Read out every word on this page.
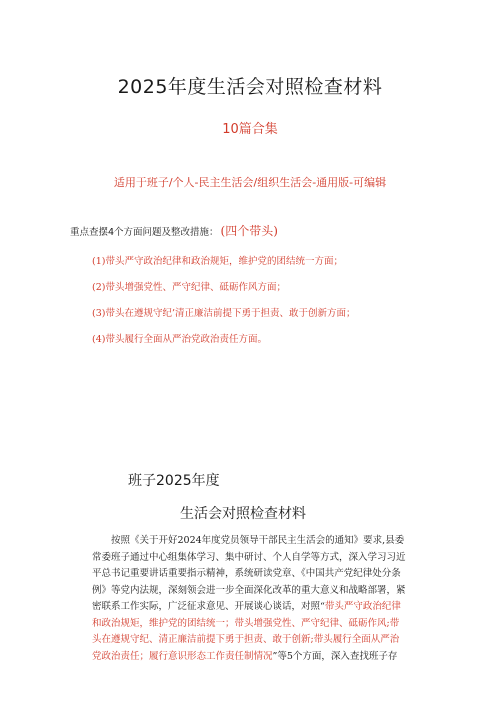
2025年度生活会对照检查材料
10篇合集
适用于班子/个人-民主生活会/组织生活会-通用版-可编辑
重点查摆4个方面问题及整改措施： (四个带头)
(1)带头严守政治纪律和政治规矩，维护党的团结统一方面；
(2)带头增强党性、严守纪律、砥砺作风方面；
(3)带头在遵规守纪’清正廉洁前提下勇于担责、敢于创新方面；
(4)带头履行全面从严治党政治责任方面。
班子2025年度
生活会对照检查材料
按照《关于开好2024年度党员领导干部民主生活会的通知》要求,县委
常委班子通过中心组集体学习、集中研讨、个人自学等方式，深入学习习近
平总书记重要讲话重要指示精神，系统研读党章、《中国共产党纪律处分条
例》等党内法规，深刻领会进一步全面深化改革的重大意义和战略部署，紧
密联系工作实际，广泛征求意见、开展谈心谈话，对照“带头严守政治纪律
和政治规矩，维护党的团结统一；带头增强党性、严守纪律、砥砺作风;带
头在遵规守纪、清正廉洁前提下勇于担责、敢于创新;带头履行全面从严治
党政治责任；履行意识形态工作责任制情况”等5个方面，深入查找班子存
